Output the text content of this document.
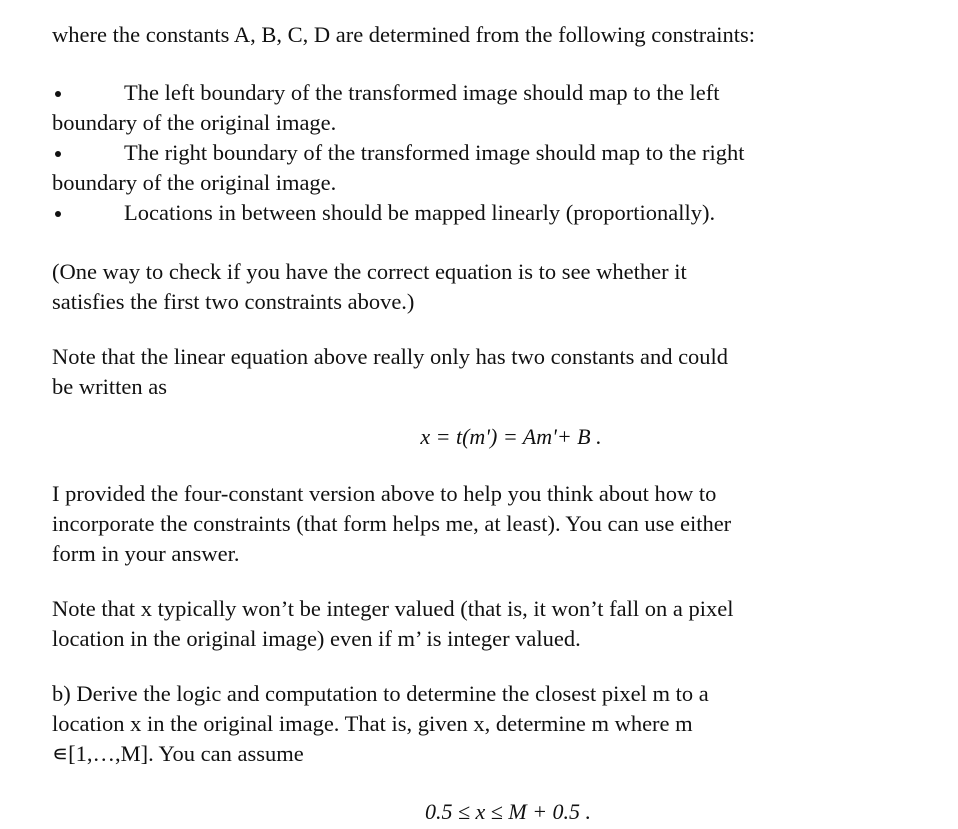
where the constants A, B, C, D are determined from the following constraints:

The left boundary of the transformed image should map to the left
boundary of the original image.
The right boundary of the transformed image should map to the right
boundary of the original image.
Locations in between should be mapped linearly (proportionally).
(One way to check if you have the correct equation is to see whether it
satisfies the first two constraints above.)
Note that the linear equation above really only has two constants and could
be written as
x = t(m') = Am'+ B .
I provided the four-constant version above to help you think about how to
incorporate the constraints (that form helps me, at least). You can use either
form in your answer.
Note that x typically won’t be integer valued (that is, it won’t fall on a pixel
location in the original image) even if m’ is integer valued.
b) Derive the logic and computation to determine the closest pixel m to a
location x in the original image. That is, given x, determine m where m
∊[1,…,M]. You can assume
0.5 ≤ x ≤ M + 0.5 .
